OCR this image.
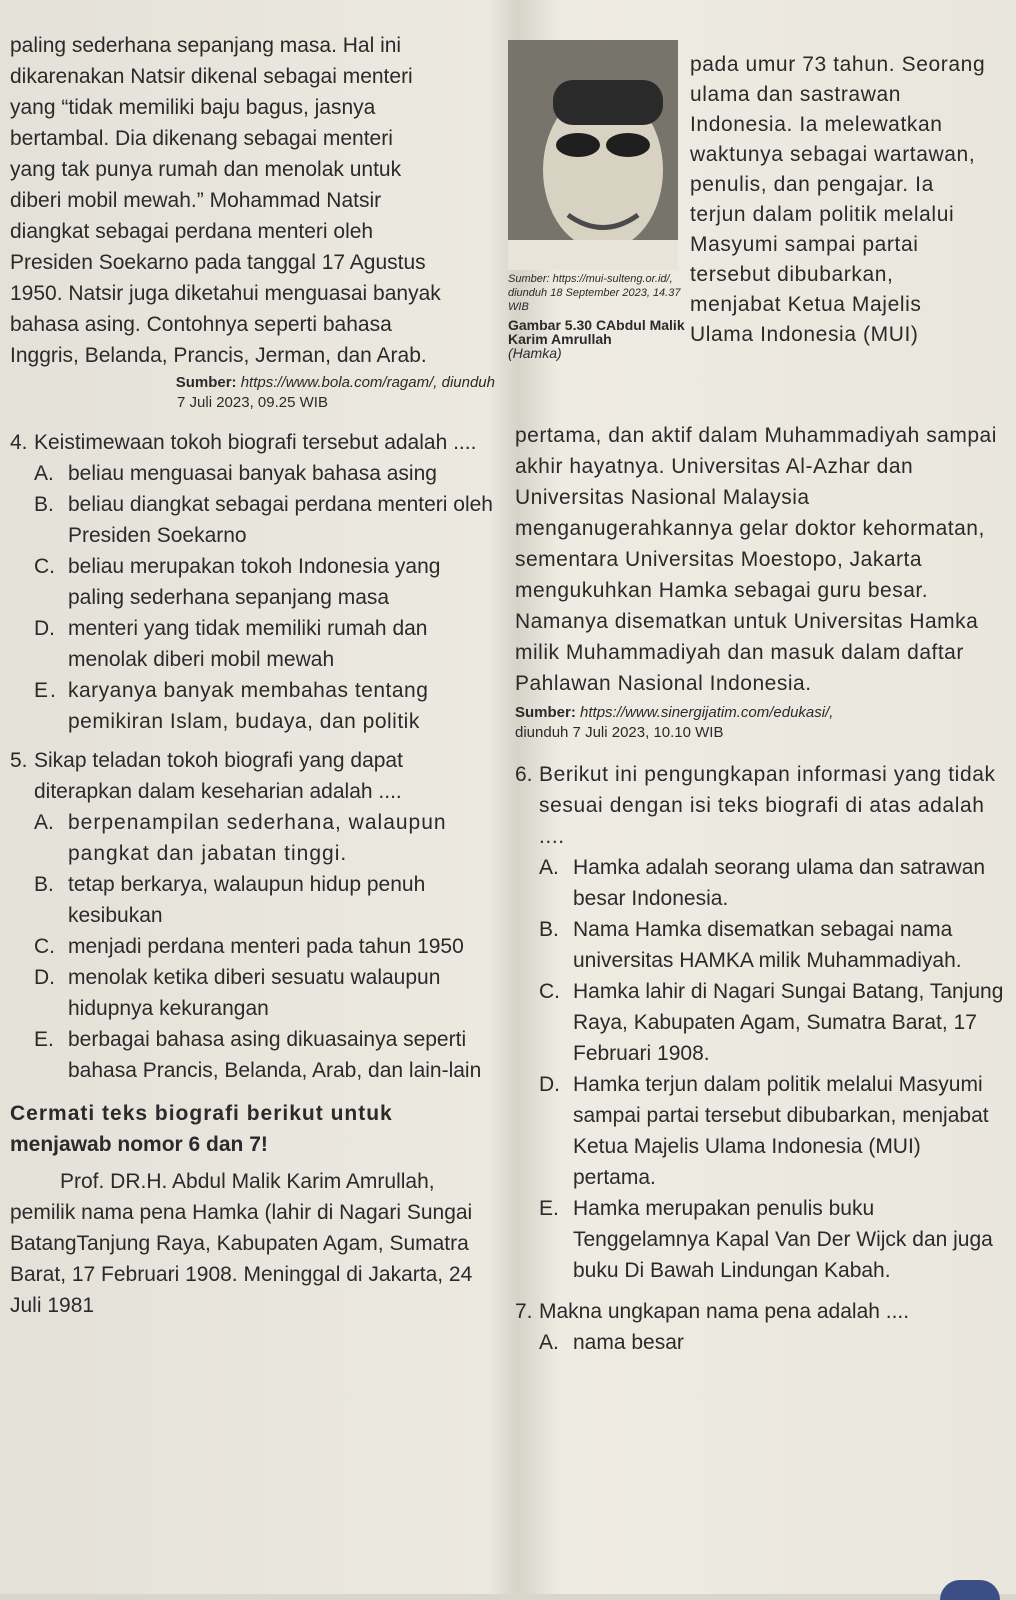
paling sederhana sepanjang masa. Hal ini

dikarenakan Natsir dikenal sebagai menteri

yang “tidak memiliki baju bagus, jasnya

bertambal. Dia dikenang sebagai menteri

yang tak punya rumah dan menolak untuk

diberi mobil mewah.” Mohammad Natsir

diangkat sebagai perdana menteri oleh

Presiden Soekarno pada tanggal 17 Agustus

1950. Natsir juga diketahui menguasai banyak

bahasa asing. Contohnya seperti bahasa

Inggris, Belanda, Prancis, Jerman, dan Arab.

Sumber: https://www.bola.com/ragam/, diunduh

7 Juli 2023, 09.25 WIB

4. Keistimewaan tokoh biografi tersebut adalah ....
A. beliau menguasai banyak bahasa asing
B. beliau diangkat sebagai perdana menteri oleh Presiden Soekarno
C. beliau merupakan tokoh Indonesia yang paling sederhana sepanjang masa
D. menteri yang tidak memiliki rumah dan menolak diberi mobil mewah
E. karyanya banyak membahas tentang pemikiran Islam, budaya, dan politik
5. Sikap teladan tokoh biografi yang dapat diterapkan dalam keseharian adalah ....
A. berpenampilan sederhana, walaupun pangkat dan jabatan tinggi.
B. tetap berkarya, walaupun hidup penuh kesibukan
C. menjadi perdana menteri pada tahun 1950
D. menolak ketika diberi sesuatu walaupun hidupnya kekurangan
E. berbagai bahasa asing dikuasainya seperti bahasa Prancis, Belanda, Arab, dan lain-lain

Cermati teks biografi berikut untuk

menjawab nomor 6 dan 7!

Prof. DR.H. Abdul Malik Karim Amrullah, pemilik nama pena Hamka (lahir di Nagari Sungai BatangTanjung Raya, Kabupaten Agam, Sumatra Barat, 17 Februari 1908. Meninggal di Jakarta, 24 Juli 1981

Sumber: https://mui-sulteng.or.id/, diunduh 18 September 2023, 14.37 WIB

Gambar 5.30 CAbdul Malik Karim Amrullah

(Hamka)

pada umur 73 tahun. Seorang ulama dan sastrawan Indonesia. Ia melewatkan waktunya sebagai wartawan, penulis, dan pengajar. Ia terjun dalam politik melalui Masyumi sampai partai tersebut dibubarkan, menjabat Ketua Majelis Ulama Indonesia (MUI)

pertama, dan aktif dalam Muhammadiyah sampai akhir hayatnya. Universitas Al-Azhar dan Universitas Nasional Malaysia menganugerahkannya gelar doktor kehormatan, sementara Universitas Moestopo, Jakarta mengukuhkan Hamka sebagai guru besar. Namanya disematkan untuk Universitas Hamka milik Muhammadiyah dan masuk dalam daftar Pahlawan Nasional Indonesia.

Sumber: https://www.sinergijatim.com/edukasi/,

diunduh 7 Juli 2023, 10.10 WIB

6. Berikut ini pengungkapan informasi yang tidak sesuai dengan isi teks biografi di atas adalah ....
A. Hamka adalah seorang ulama dan satrawan besar Indonesia.
B. Nama Hamka disematkan sebagai nama universitas HAMKA milik Muhammadiyah.
C. Hamka lahir di Nagari Sungai Batang, Tanjung Raya, Kabupaten Agam, Sumatra Barat, 17 Februari 1908.
D. Hamka terjun dalam politik melalui Masyumi sampai partai tersebut dibubarkan, menjabat Ketua Majelis Ulama Indonesia (MUI) pertama.
E. Hamka merupakan penulis buku Tenggelamnya Kapal Van Der Wijck dan juga buku Di Bawah Lindungan Kabah.
7. Makna ungkapan nama pena adalah ....
A. nama besar
